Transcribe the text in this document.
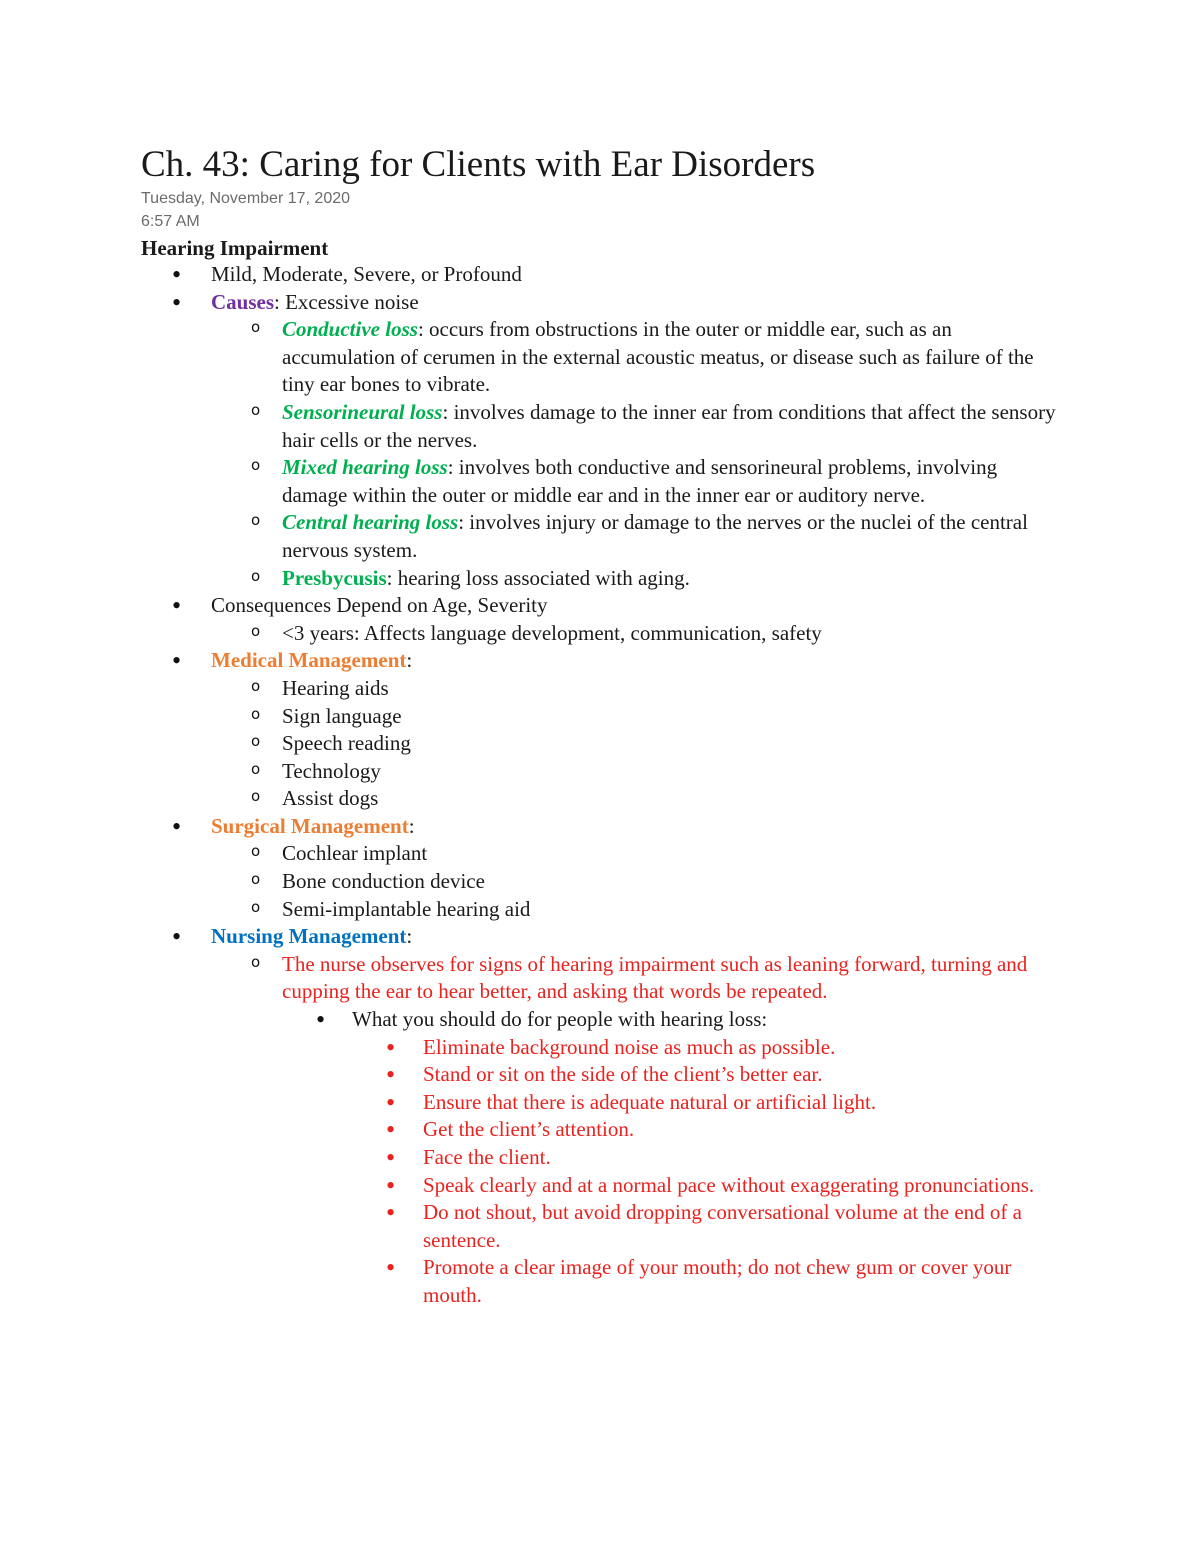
Ch. 43: Caring for Clients with Ear Disorders
Tuesday, November 17, 2020
6:57 AM
Hearing Impairment
• Mild, Moderate, Severe, or Profound
• Causes: Excessive noise
o Conductive loss: occurs from obstructions in the outer or middle ear, such as an accumulation of cerumen in the external acoustic meatus, or disease such as failure of the tiny ear bones to vibrate.
o Sensorineural loss: involves damage to the inner ear from conditions that affect the sensory hair cells or the nerves.
o Mixed hearing loss: involves both conductive and sensorineural problems, involving damage within the outer or middle ear and in the inner ear or auditory nerve.
o Central hearing loss: involves injury or damage to the nerves or the nuclei of the central nervous system.
o Presbycusis: hearing loss associated with aging.
• Consequences Depend on Age, Severity
o <3 years: Affects language development, communication, safety
• Medical Management:
o Hearing aids
o Sign language
o Speech reading
o Technology
o Assist dogs
• Surgical Management:
o Cochlear implant
o Bone conduction device
o Semi-implantable hearing aid
• Nursing Management:
o The nurse observes for signs of hearing impairment such as leaning forward, turning and cupping the ear to hear better, and asking that words be repeated.
• What you should do for people with hearing loss:
• Eliminate background noise as much as possible.
• Stand or sit on the side of the client’s better ear.
• Ensure that there is adequate natural or artificial light.
• Get the client’s attention.
• Face the client.
• Speak clearly and at a normal pace without exaggerating pronunciations.
• Do not shout, but avoid dropping conversational volume at the end of a sentence.
• Promote a clear image of your mouth; do not chew gum or cover your mouth.
